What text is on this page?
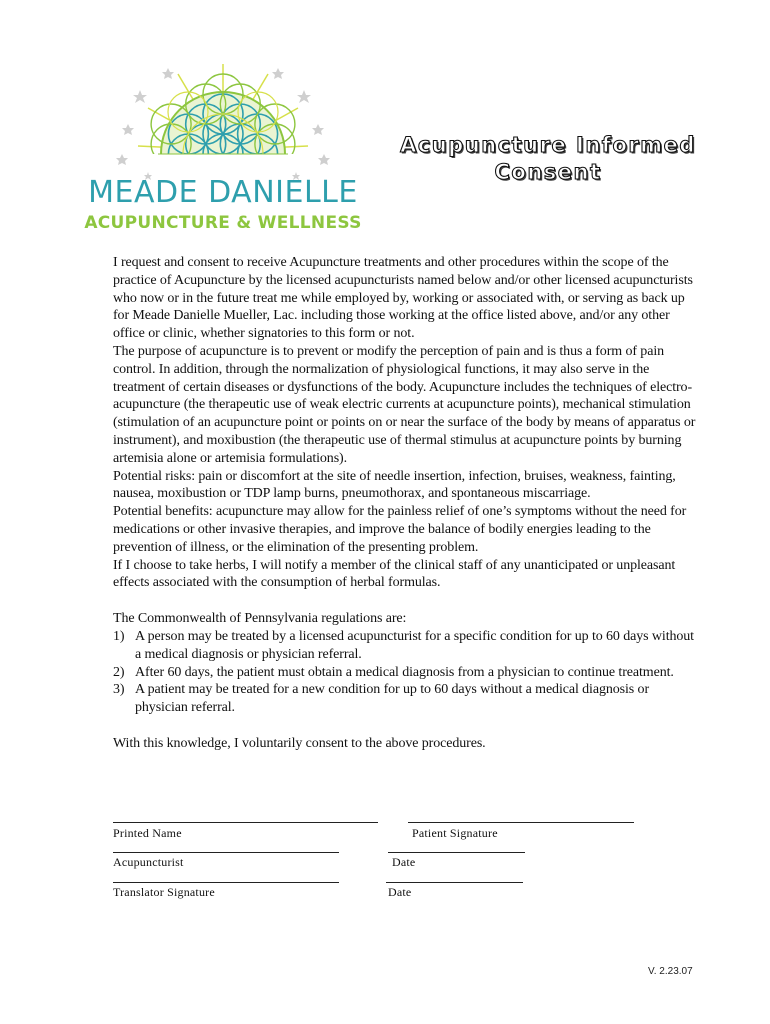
MEADE DANIELLE
ACUPUNCTURE & WELLNESS
Acupuncture Informed
Consent

I request and consent to receive Acupuncture treatments and other procedures within the scope of the practice of Acupuncture by the licensed acupuncturists named below and/or other licensed acupuncturists who now or in the future treat me while employed by, working or associated with, or serving as back up for Meade Danielle Mueller, Lac. including those working at the office listed above, and/or any other office or clinic, whether signatories to this form or not.

The purpose of acupuncture is to prevent or modify the perception of pain and is thus a form of pain control. In addition, through the normalization of physiological functions, it may also serve in the treatment of certain diseases or dysfunctions of the body. Acupuncture includes the techniques of electro-acupuncture (the therapeutic use of weak electric currents at acupuncture points), mechanical stimulation (stimulation of an acupuncture point or points on or near the surface of the body by means of apparatus or instrument), and moxibustion (the therapeutic use of thermal stimulus at acupuncture points by burning artemisia alone or artemisia formulations).

Potential risks: pain or discomfort at the site of needle insertion, infection, bruises, weakness, fainting, nausea, moxibustion or TDP lamp burns, pneumothorax, and spontaneous miscarriage.

Potential benefits: acupuncture may allow for the painless relief of one’s symptoms without the need for medications or other invasive therapies, and improve the balance of bodily energies leading to the prevention of illness, or the elimination of the presenting problem.

If I choose to take herbs, I will notify a member of the clinical staff of any unanticipated or unpleasant effects associated with the consumption of herbal formulas.

The Commonwealth of Pennsylvania regulations are:

1) A person may be treated by a licensed acupuncturist for a specific condition for up to 60 days without a medical diagnosis or physician referral.
2) After 60 days, the patient must obtain a medical diagnosis from a physician to continue treatment.
3) A patient may be treated for a new condition for up to 60 days without a medical diagnosis or physician referral.

With this knowledge, I voluntarily consent to the above procedures.

Printed Name	Patient Signature
Acupuncturist	Date
Translator Signature	Date
V. 2.23.07
